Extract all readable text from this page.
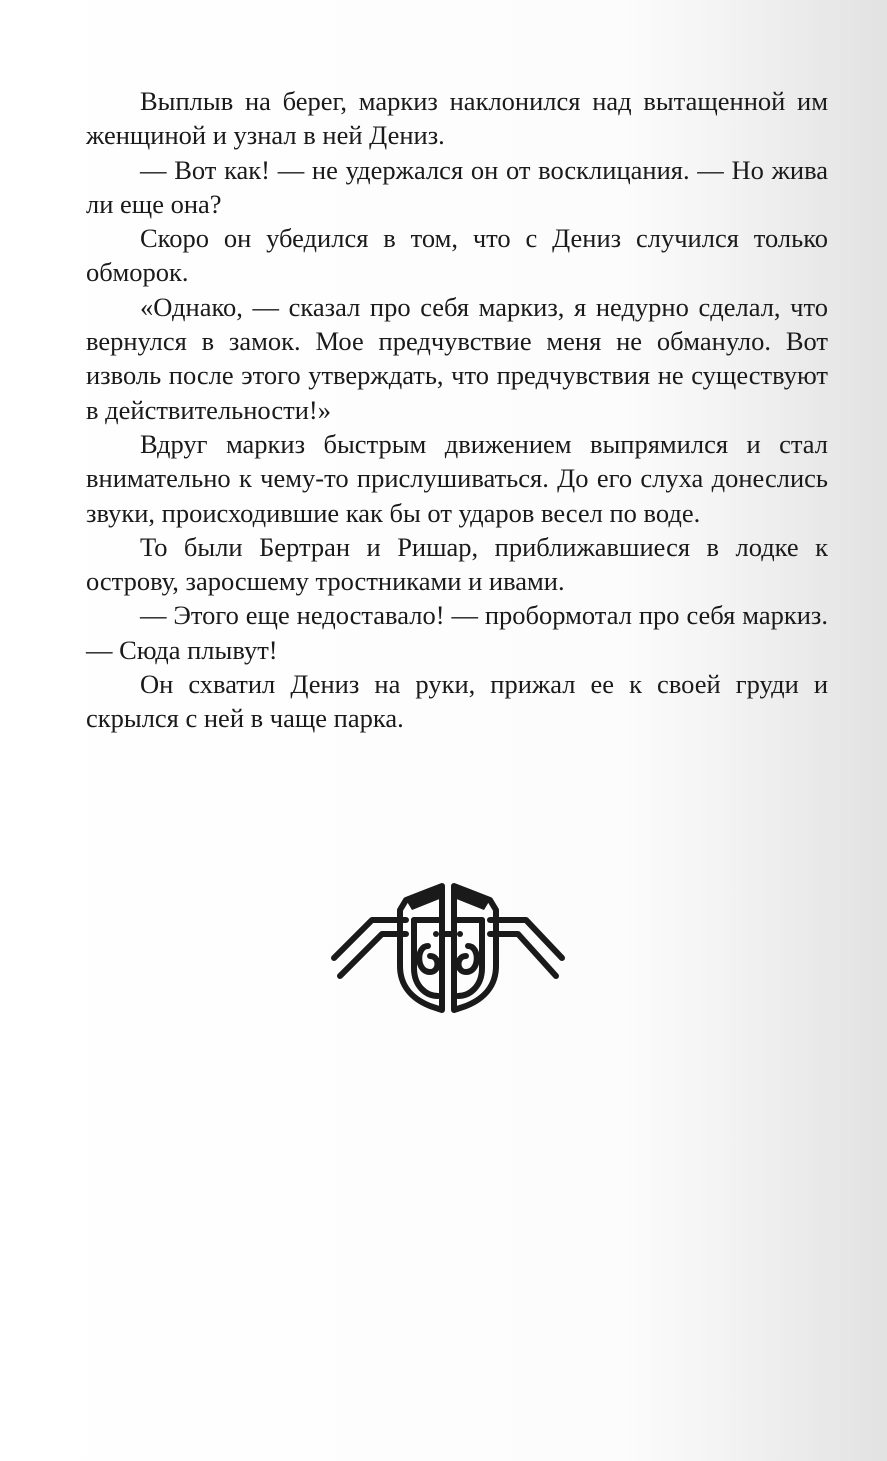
Выплыв на берег, маркиз наклонился над вытащенной им женщиной и узнал в ней Дениз.

— Вот как! — не удержался он от восклицания. — Но жива ли еще она?

Скоро он убедился в том, что с Дениз случился только обморок.

«Однако, — сказал про себя маркиз, я недурно сделал, что вернулся в замок. Мое предчувствие меня не обмануло. Вот изволь после этого утверждать, что предчувствия не существуют в действительности!»

Вдруг маркиз быстрым движением выпрямился и стал внимательно к чему-то прислушиваться. До его слуха донеслись звуки, происходившие как бы от ударов весел по воде.

То были Бертран и Ришар, приближавшиеся в лодке к острову, заросшему тростниками и ивами.

— Этого еще недоставало! — пробормотал про себя маркиз. — Сюда плывут!

Он схватил Дениз на руки, прижал ее к своей груди и скрылся с ней в чаще парка.
